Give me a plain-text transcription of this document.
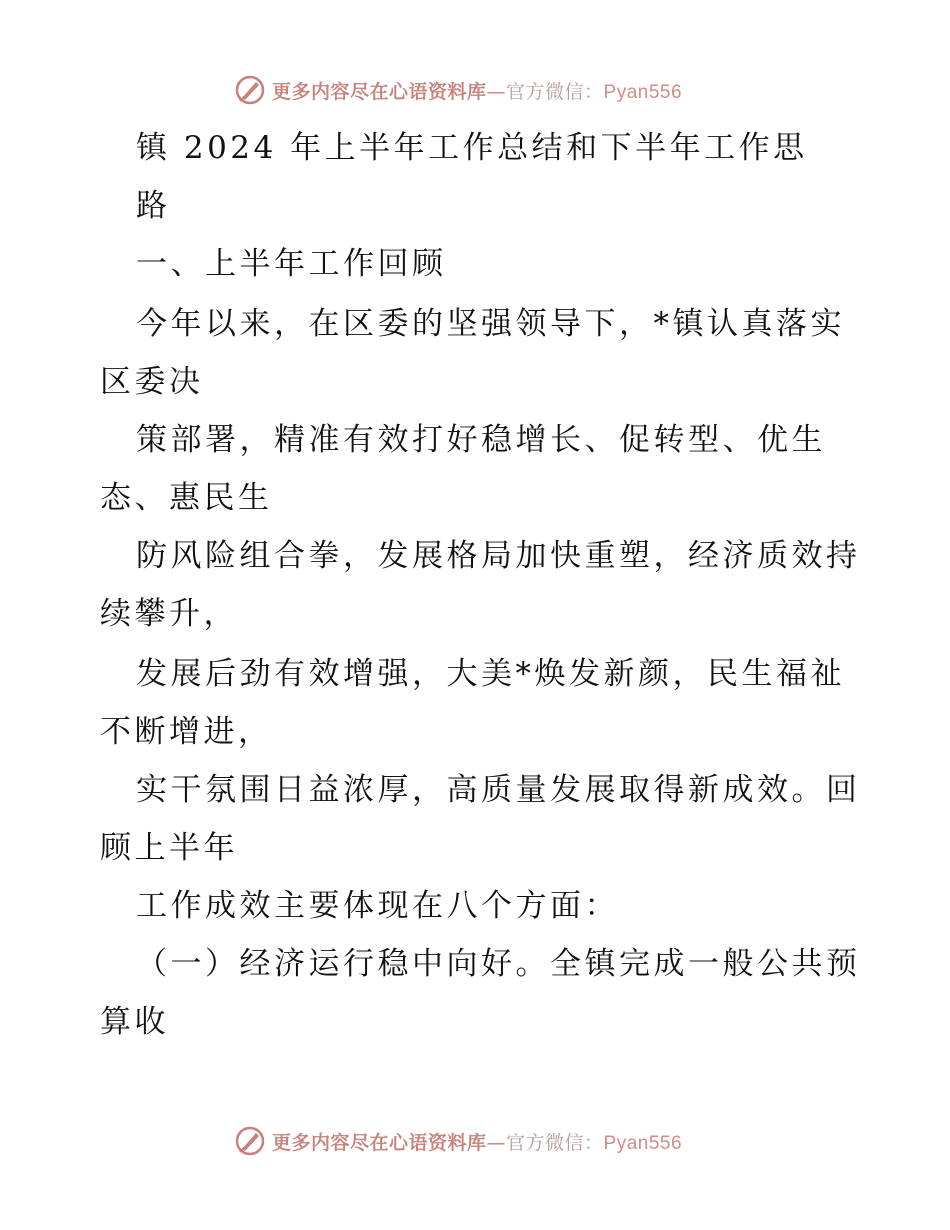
更多内容尽在心语资料库—官方微信：Pyan556
镇 2024 年上半年工作总结和下半年工作思
路
一、上半年工作回顾
今年以来，在区委的坚强领导下，*镇认真落实
区委决
策部署，精准有效打好稳增长、促转型、优生
态、惠民生
防风险组合拳，发展格局加快重塑，经济质效持
续攀升，
发展后劲有效增强，大美*焕发新颜，民生福祉
不断增进，
实干氛围日益浓厚，高质量发展取得新成效。回
顾上半年
工作成效主要体现在八个方面：
（一）经济运行稳中向好。全镇完成一般公共预
算收
更多内容尽在心语资料库—官方微信：Pyan556
